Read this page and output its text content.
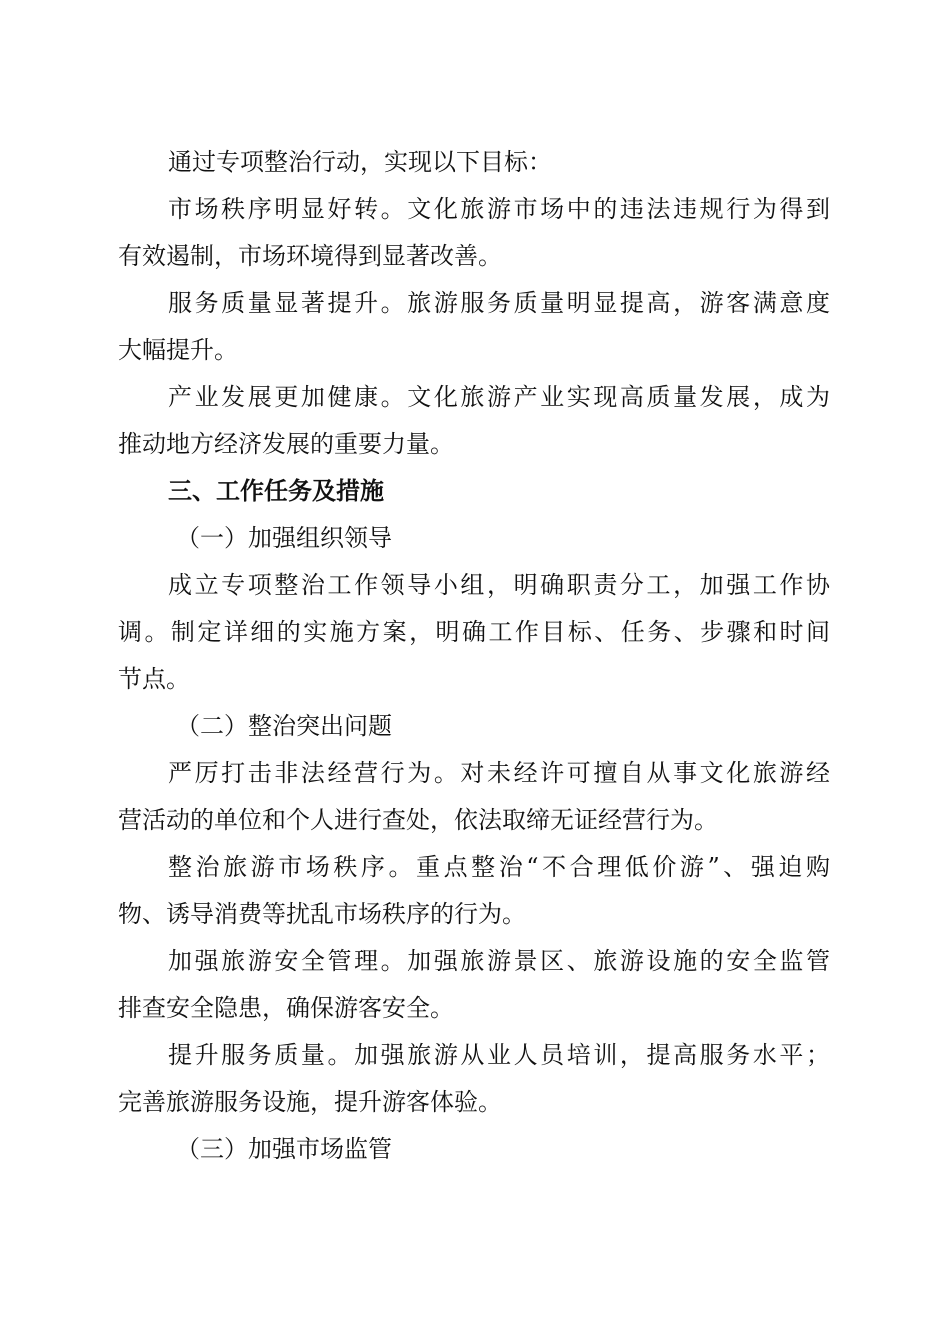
通过专项整治行动，实现以下目标：
市场秩序明显好转。文化旅游市场中的违法违规行为得到
有效遏制，市场环境得到显著改善。
服务质量显著提升。旅游服务质量明显提高，游客满意度
大幅提升。
产业发展更加健康。文化旅游产业实现高质量发展，成为
推动地方经济发展的重要力量。
三、工作任务及措施
（一）加强组织领导
成立专项整治工作领导小组，明确职责分工，加强工作协
调。制定详细的实施方案，明确工作目标、任务、步骤和时间
节点。
（二）整治突出问题
严厉打击非法经营行为。对未经许可擅自从事文化旅游经
营活动的单位和个人进行查处，依法取缔无证经营行为。
整治旅游市场秩序。重点整治“不合理低价游”、强迫购
物、诱导消费等扰乱市场秩序的行为。
加强旅游安全管理。加强旅游景区、旅游设施的安全监管
排查安全隐患，确保游客安全。
提升服务质量。加强旅游从业人员培训，提高服务水平；
完善旅游服务设施，提升游客体验。
（三）加强市场监管
